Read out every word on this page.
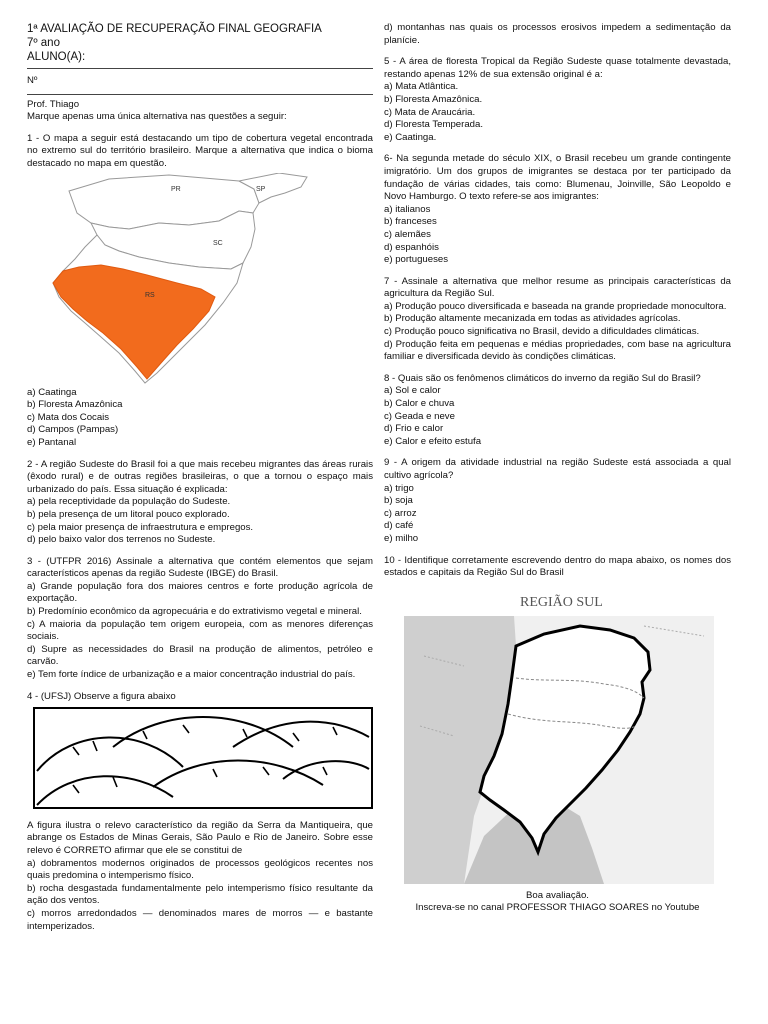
1ª AVALIAÇÃO DE RECUPERAÇÃO FINAL GEOGRAFIA

7º ano

ALUNO(A):

Nº

Prof. Thiago

Marque apenas uma única alternativa nas questões a seguir:

1 - O mapa a seguir está destacando um tipo de cobertura vegetal encontrada no extremo sul do território brasileiro. Marque a alternativa que indica o bioma destacado no mapa em questão.

PR	SP
SC
RS

a) Caatinga

b) Floresta Amazônica

c) Mata dos Cocais

d) Campos (Pampas)

e) Pantanal

2 - A região Sudeste do Brasil foi a que mais recebeu migrantes das áreas rurais (êxodo rural) e de outras regiões brasileiras, o que a tornou o espaço mais urbanizado do país. Essa situação é explicada:

a) pela receptividade da população do Sudeste.

b) pela presença de um litoral pouco explorado.

c) pela maior presença de infraestrutura e empregos.

d) pelo baixo valor dos terrenos no Sudeste.

3 - (UTFPR 2016) Assinale a alternativa que contém elementos que sejam característicos apenas da região Sudeste (IBGE) do Brasil.

a) Grande população fora dos maiores centros e forte produção agrícola de exportação.

b) Predomínio econômico da agropecuária e do extrativismo vegetal e mineral.

c) A maioria da população tem origem europeia, com as menores diferenças sociais.

d) Supre as necessidades do Brasil na produção de alimentos, petróleo e carvão.

e) Tem forte índice de urbanização e a maior concentração industrial do país.

4 - (UFSJ) Observe a figura abaixo

A figura ilustra o relevo característico da região da Serra da Mantiqueira, que abrange os Estados de Minas Gerais, São Paulo e Rio de Janeiro. Sobre esse relevo é CORRETO afirmar que ele se constitui de

a) dobramentos modernos originados de processos geológicos recentes nos quais predomina o intemperismo físico.

b) rocha desgastada fundamentalmente pelo intemperismo físico resultante da ação dos ventos.

c) morros arredondados — denominados mares de morros — e bastante intemperizados.

d) montanhas nas quais os processos erosivos impedem a sedimentação da planície.

5 - A área de floresta Tropical da Região Sudeste quase totalmente devastada, restando apenas 12% de sua extensão original é a:

a) Mata Atlântica.

b) Floresta Amazônica.

c) Mata de Araucária.

d) Floresta Temperada.

e) Caatinga.

6- Na segunda metade do século XIX, o Brasil recebeu um grande contingente imigratório. Um dos grupos de imigrantes se destaca por ter participado da fundação de várias cidades, tais como: Blumenau, Joinville, São Leopoldo e Novo Hamburgo. O texto refere-se aos imigrantes:

a) italianos

b) franceses

c) alemães

d) espanhóis

e) portugueses

7 - Assinale a alternativa que melhor resume as principais características da agricultura da Região Sul.

a) Produção pouco diversificada e baseada na grande propriedade monocultora.

b) Produção altamente mecanizada em todas as atividades agrícolas.

c) Produção pouco significativa no Brasil, devido a dificuldades climáticas.

d) Produção feita em pequenas e médias propriedades, com base na agricultura familiar e diversificada devido às condições climáticas.

8 - Quais são os fenômenos climáticos do inverno da região Sul do Brasil?

a) Sol e calor

b) Calor e chuva

c) Geada e neve

d) Frio e calor

e) Calor e efeito estufa

9 - A origem da atividade industrial na região Sudeste está associada a qual cultivo agrícola?

a) trigo

b) soja

c) arroz

d) café

e) milho

10 - Identifique corretamente escrevendo dentro do mapa abaixo, os nomes dos estados e capitais da Região Sul do Brasil

REGIÃO SUL

Boa avaliação.

Inscreva-se no canal PROFESSOR THIAGO SOARES no Youtube
